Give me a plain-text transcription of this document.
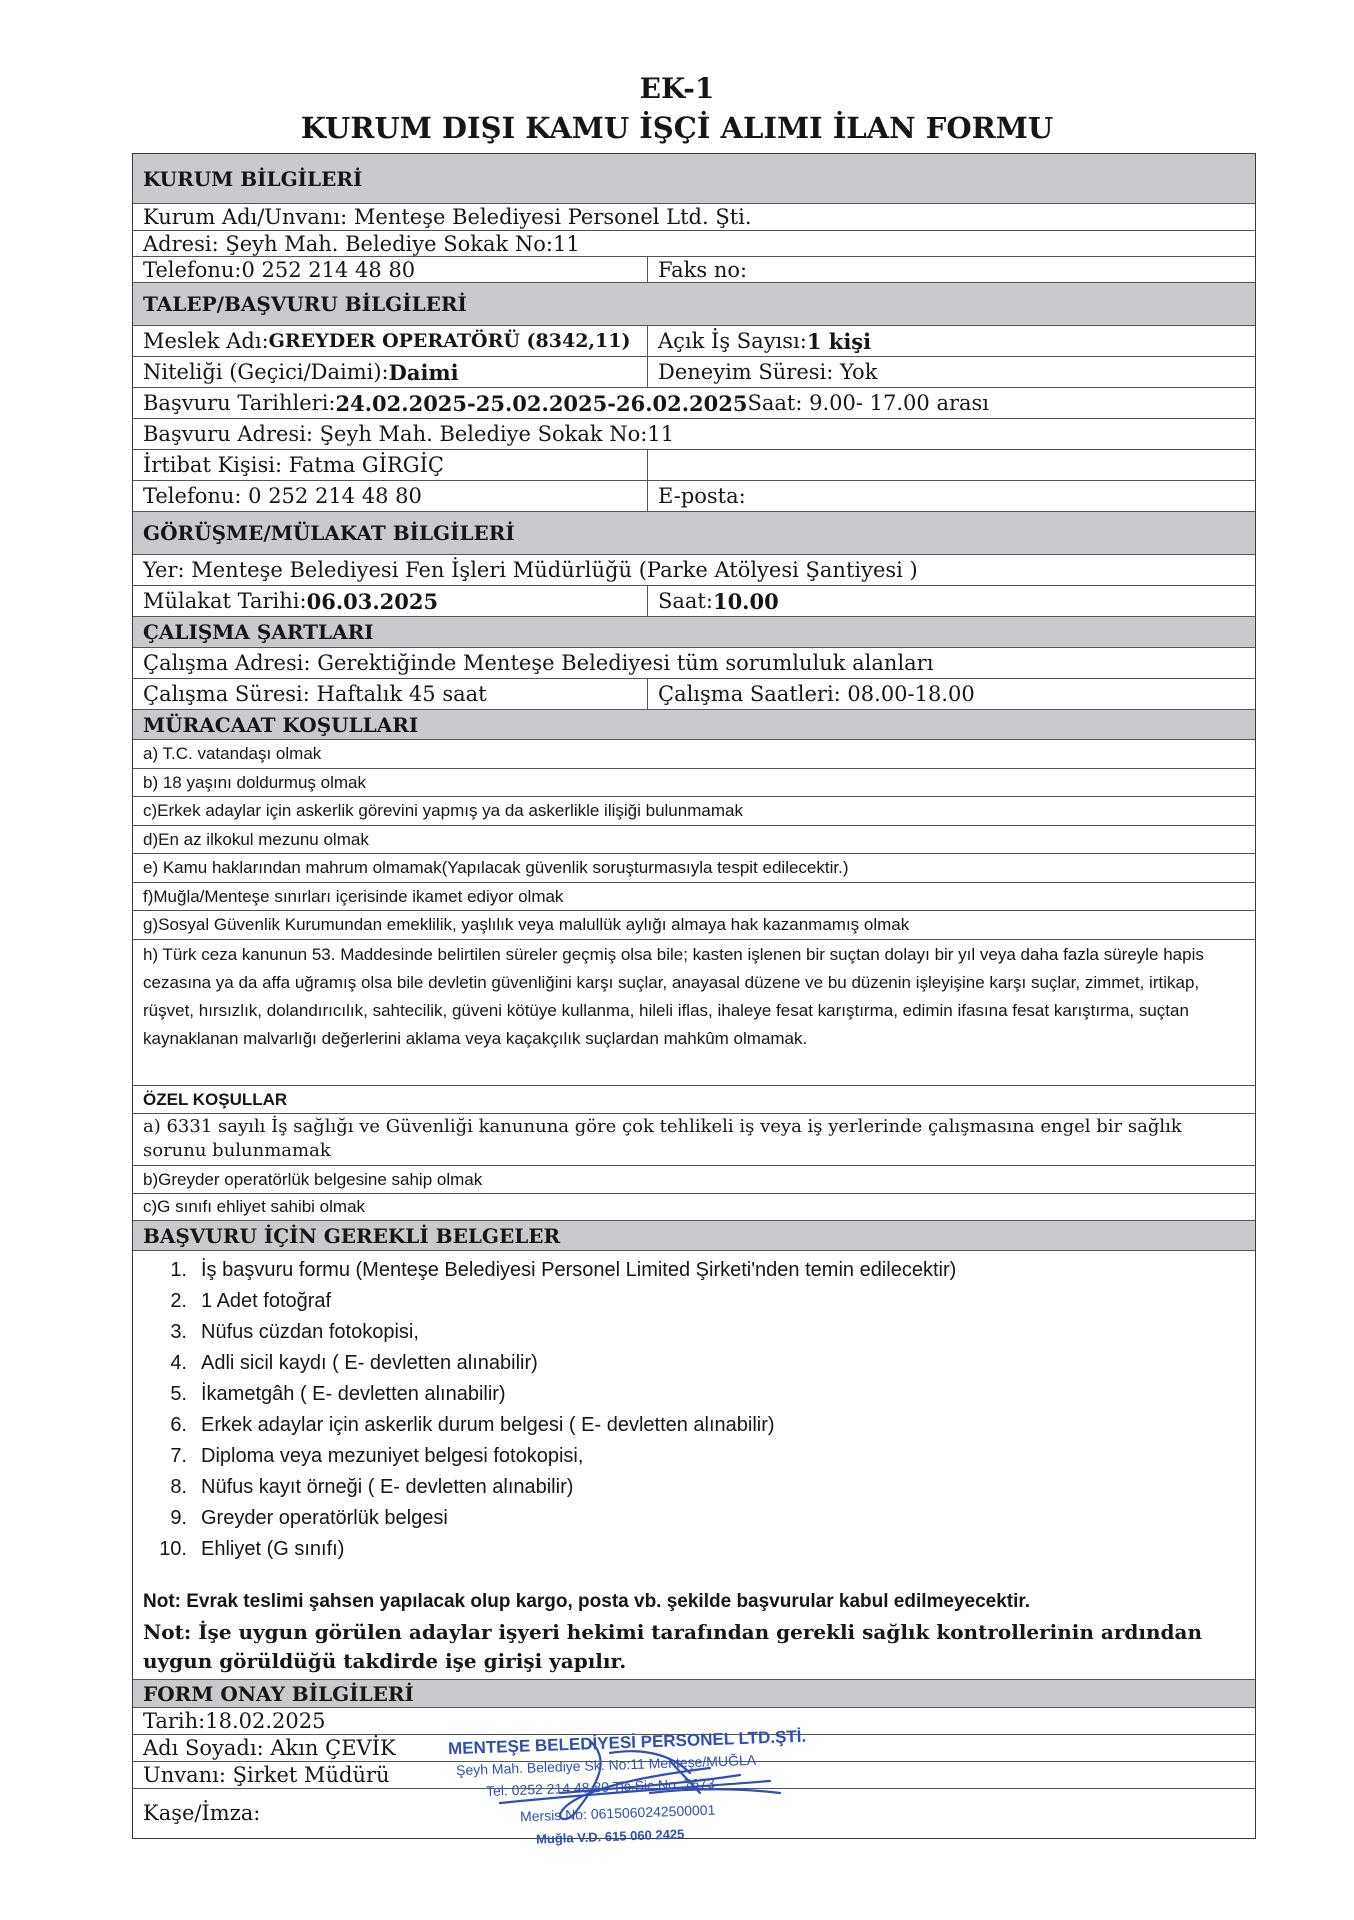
EK-1
KURUM DIŞI KAMU İŞÇİ ALIMI İLAN FORMU
KURUM BİLGİLERİ
Kurum Adı/Unvanı: Menteşe Belediyesi Personel Ltd. Şti.
Adresi: Şeyh Mah. Belediye Sokak No:11
Telefonu:0 252 214 48 80	Faks no:
TALEP/BAŞVURU BİLGİLERİ
Meslek Adı: GREYDER OPERATÖRÜ (8342,11) Açık İş Sayısı: 1 kişi
Niteliği (Geçici/Daimi): Daimi	Deneyim Süresi: Yok
Başvuru Tarihleri: 24.02.2025-25.02.2025-26.02.2025 Saat: 9.00- 17.00 arası
Başvuru Adresi: Şeyh Mah. Belediye Sokak No:11
İrtibat Kişisi: Fatma GİRGİÇ
Telefonu: 0 252 214 48 80	E-posta:
GÖRÜŞME/MÜLAKAT BİLGİLERİ
Yer: Menteşe Belediyesi Fen İşleri Müdürlüğü (Parke Atölyesi Şantiyesi )
Mülakat Tarihi: 06.03.2025	Saat: 10.00
ÇALIŞMA ŞARTLARI
Çalışma Adresi: Gerektiğinde Menteşe Belediyesi tüm sorumluluk alanları
Çalışma Süresi: Haftalık 45 saat	Çalışma Saatleri: 08.00-18.00
MÜRACAAT KOŞULLARI
a) T.C. vatandaşı olmak
b) 18 yaşını doldurmuş olmak
c)Erkek adaylar için askerlik görevini yapmış ya da askerlikle ilişiği bulunmamak
d)En az ilkokul mezunu olmak
e) Kamu haklarından mahrum olmamak(Yapılacak güvenlik soruşturmasıyla tespit edilecektir.)
f)Muğla/Menteşe sınırları içerisinde ikamet ediyor olmak
g)Sosyal Güvenlik Kurumundan emeklilik, yaşlılık veya malullük aylığı almaya hak kazanmamış olmak
h) Türk ceza kanunun 53. Maddesinde belirtilen süreler geçmiş olsa bile; kasten işlenen bir suçtan dolayı bir yıl veya daha fazla süreyle hapis cezasına ya da affa uğramış olsa bile devletin güvenliğini karşı suçlar, anayasal düzene ve bu düzenin işleyişine karşı suçlar, zimmet, irtikap, rüşvet, hırsızlık, dolandırıcılık, sahtecilik, güveni kötüye kullanma, hileli iflas, ihaleye fesat karıştırma, edimin ifasına fesat karıştırma, suçtan kaynaklanan malvarlığı değerlerini aklama veya kaçakçılık suçlardan mahkûm olmamak.
ÖZEL KOŞULLAR
a) 6331 sayılı İş sağlığı ve Güvenliği kanununa göre çok tehlikeli iş veya iş yerlerinde çalışmasına engel bir sağlık sorunu bulunmamak
b)Greyder operatörlük belgesine sahip olmak
c)G sınıfı ehliyet sahibi olmak
BAŞVURU İÇİN GEREKLİ BELGELER
1. İş başvuru formu (Menteşe Belediyesi Personel Limited Şirketi'nden temin edilecektir)
2. 1 Adet fotoğraf
3. Nüfus cüzdan fotokopisi,
4. Adli sicil kaydı ( E- devletten alınabilir)
5. İkametgâh ( E- devletten alınabilir)
6. Erkek adaylar için askerlik durum belgesi ( E- devletten alınabilir)
7. Diploma veya mezuniyet belgesi fotokopisi,
8. Nüfus kayıt örneği ( E- devletten alınabilir)
9. Greyder operatörlük belgesi
10. Ehliyet (G sınıfı)
Not: Evrak teslimi şahsen yapılacak olup kargo, posta vb. şekilde başvurular kabul edilmeyecektir.
Not: İşe uygun görülen adaylar işyeri hekimi tarafından gerekli sağlık kontrollerinin ardından uygun görüldüğü takdirde işe girişi yapılır.
FORM ONAY BİLGİLERİ
Tarih:18.02.2025
Adı Soyadı: Akın ÇEVİK
Unvanı: Şirket Müdürü
Kaşe/İmza:
MENTEŞE BELEDİYESİ PERSONEL LTD.ŞTİ.
Şeyh Mah. Belediye Sk. No:11 Menteşe/MUĞLA
Tel: 0252 214 48 80 Tic.Sic.No: 7673
Mersis No: 0615060242500001
Muğla V.D. 615 060 2425
